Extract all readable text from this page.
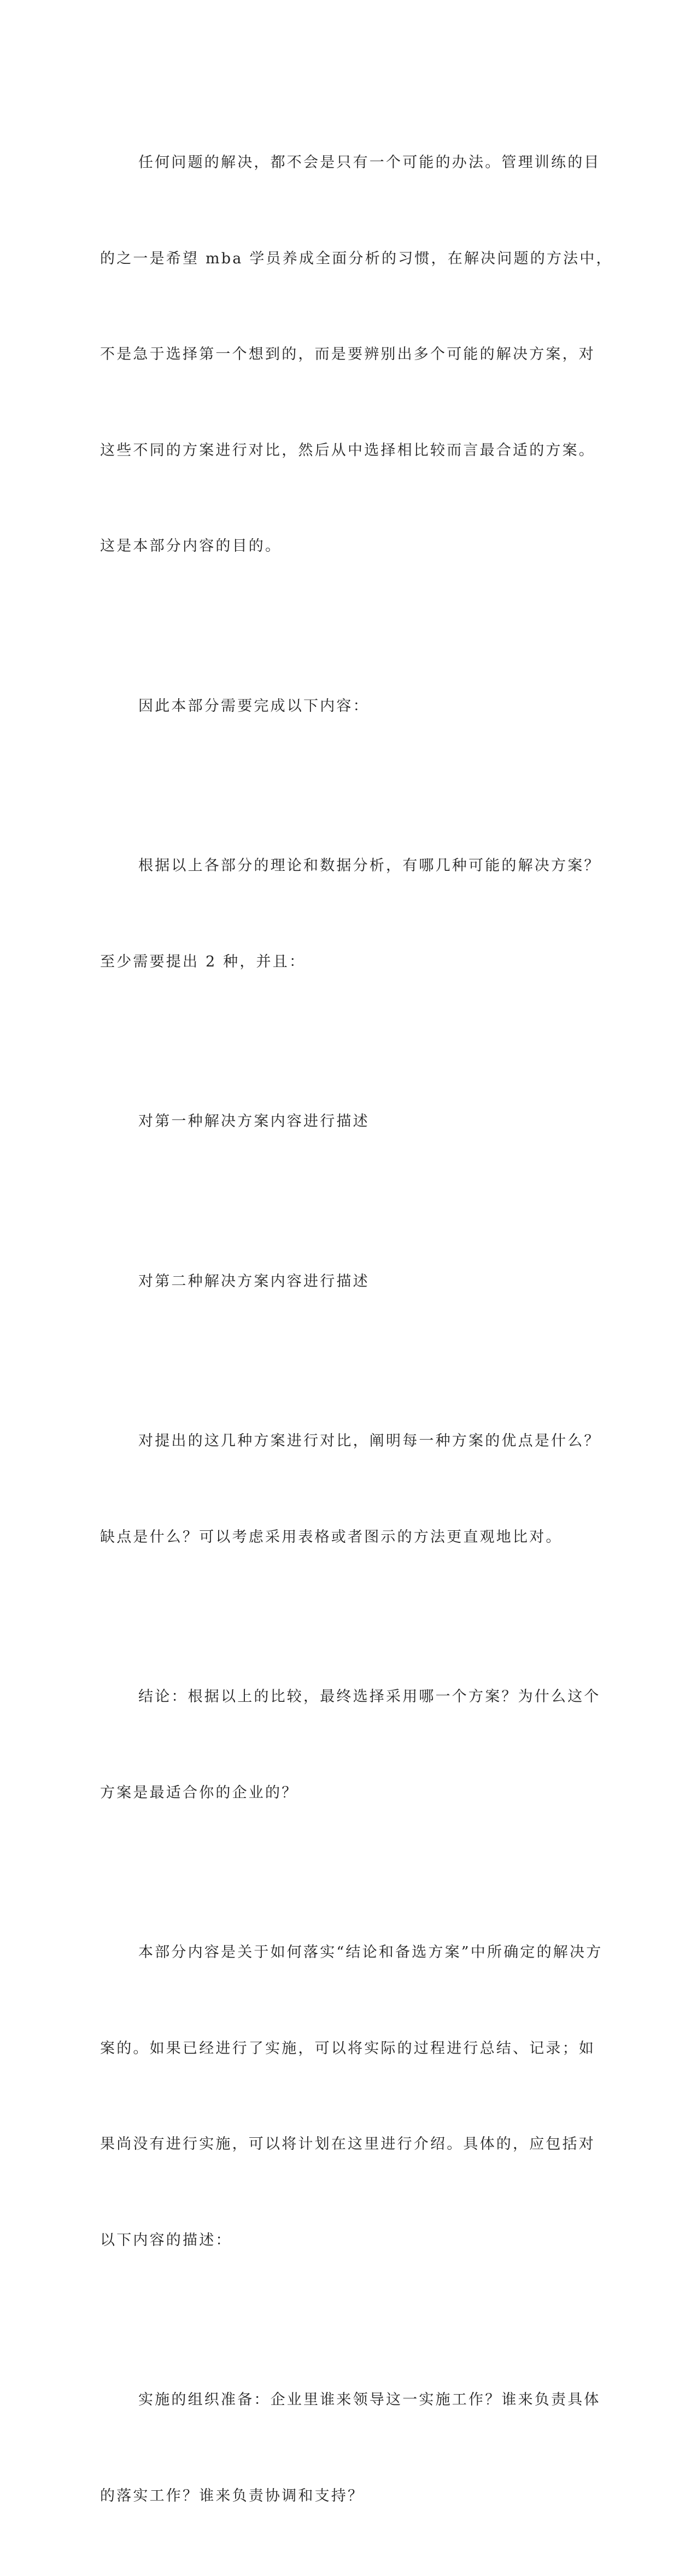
任何问题的解决，都不会是只有一个可能的办法。管理训练的目

的之一是希望 mba 学员养成全面分析的习惯，在解决问题的方法中，

不是急于选择第一个想到的，而是要辨别出多个可能的解决方案，对

这些不同的方案进行对比，然后从中选择相比较而言最合适的方案。

这是本部分内容的目的。

因此本部分需要完成以下内容：

根据以上各部分的理论和数据分析，有哪几种可能的解决方案？

至少需要提出 2 种，并且：

对第一种解决方案内容进行描述

对第二种解决方案内容进行描述

对提出的这几种方案进行对比，阐明每一种方案的优点是什么？

缺点是什么？可以考虑采用表格或者图示的方法更直观地比对。

结论：根据以上的比较，最终选择采用哪一个方案？为什么这个

方案是最适合你的企业的？

本部分内容是关于如何落实“结论和备选方案”中所确定的解决方

案的。如果已经进行了实施，可以将实际的过程进行总结、记录；如

果尚没有进行实施，可以将计划在这里进行介绍。具体的，应包括对

以下内容的描述：

实施的组织准备：企业里谁来领导这一实施工作？谁来负责具体

的落实工作？谁来负责协调和支持？
